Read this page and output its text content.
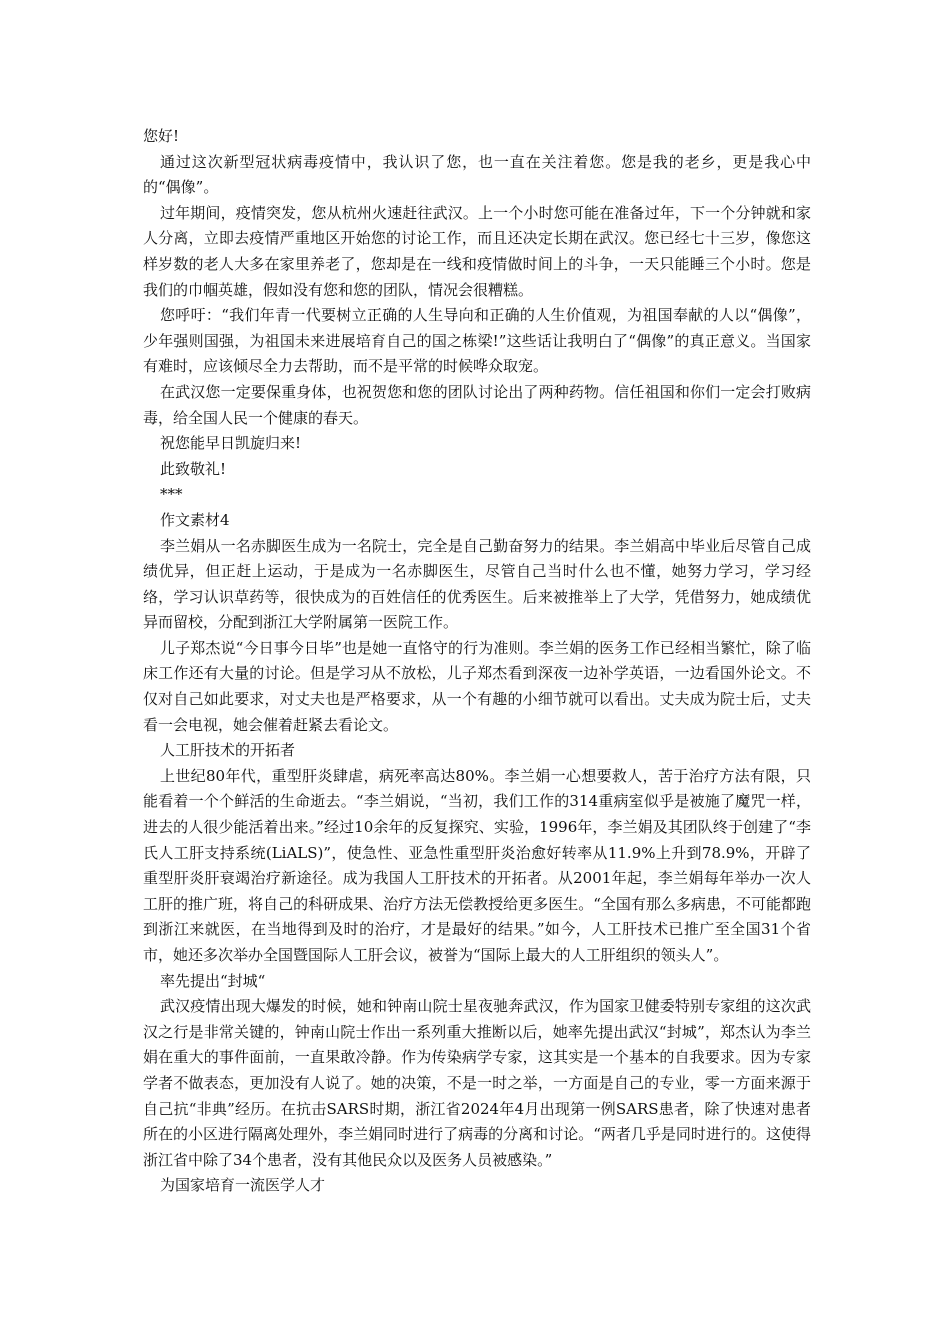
您好!

通过这次新型冠状病毒疫情中，我认识了您，也一直在关注着您。您是我的老乡，更是我心中的“偶像”。

过年期间，疫情突发，您从杭州火速赶往武汉。上一个小时您可能在准备过年，下一个分钟就和家人分离，立即去疫情严重地区开始您的讨论工作，而且还决定长期在武汉。您已经七十三岁，像您这样岁数的老人大多在家里养老了，您却是在一线和疫情做时间上的斗争，一天只能睡三个小时。您是我们的巾帼英雄，假如没有您和您的团队，情况会很糟糕。

您呼吁：“我们年青一代要树立正确的人生导向和正确的人生价值观，为祖国奉献的人以“偶像”，少年强则国强，为祖国未来进展培育自己的国之栋梁!”这些话让我明白了“偶像”的真正意义。当国家有难时，应该倾尽全力去帮助，而不是平常的时候哗众取宠。

在武汉您一定要保重身体，也祝贺您和您的团队讨论出了两种药物。信任祖国和你们一定会打败病毒，给全国人民一个健康的春天。

祝您能早日凯旋归来!

此致敬礼!

***

作文素材4

李兰娟从一名赤脚医生成为一名院士，完全是自己勤奋努力的结果。李兰娟高中毕业后尽管自己成绩优异，但正赶上运动，于是成为一名赤脚医生，尽管自己当时什么也不懂，她努力学习，学习经络，学习认识草药等，很快成为的百姓信任的优秀医生。后来被推举上了大学，凭借努力，她成绩优异而留校，分配到浙江大学附属第一医院工作。

儿子郑杰说“今日事今日毕”也是她一直恪守的行为准则。李兰娟的医务工作已经相当繁忙，除了临床工作还有大量的讨论。但是学习从不放松，儿子郑杰看到深夜一边补学英语，一边看国外论文。不仅对自己如此要求，对丈夫也是严格要求，从一个有趣的小细节就可以看出。丈夫成为院士后，丈夫看一会电视，她会催着赶紧去看论文。

人工肝技术的开拓者

上世纪80年代，重型肝炎肆虐，病死率高达80%。李兰娟一心想要救人，苦于治疗方法有限，只能看着一个个鲜活的生命逝去。“李兰娟说，“当初，我们工作的314重病室似乎是被施了魔咒一样，进去的人很少能活着出来。”经过10余年的反复探究、实验，1996年，李兰娟及其团队终于创建了“李氏人工肝支持系统(LiALS)”，使急性、亚急性重型肝炎治愈好转率从11.9%上升到78.9%，开辟了重型肝炎肝衰竭治疗新途径。成为我国人工肝技术的开拓者。从2001年起，李兰娟每年举办一次人工肝的推广班，将自己的科研成果、治疗方法无偿教授给更多医生。“全国有那么多病患，不可能都跑到浙江来就医，在当地得到及时的治疗，才是最好的结果。”如今，人工肝技术已推广至全国31个省市，她还多次举办全国暨国际人工肝会议，被誉为“国际上最大的人工肝组织的领头人”。

率先提出“封城“

武汉疫情出现大爆发的时候，她和钟南山院士星夜驰奔武汉，作为国家卫健委特别专家组的这次武汉之行是非常关键的，钟南山院士作出一系列重大推断以后，她率先提出武汉“封城”，郑杰认为李兰娟在重大的事件面前，一直果敢冷静。作为传染病学专家，这其实是一个基本的自我要求。因为专家学者不做表态，更加没有人说了。她的决策，不是一时之举，一方面是自己的专业，零一方面来源于自己抗“非典”经历。在抗击SARS时期，浙江省2024年4月出现第一例SARS患者，除了快速对患者所在的小区进行隔离处理外，李兰娟同时进行了病毒的分离和讨论。“两者几乎是同时进行的。这使得浙江省中除了34个患者，没有其他民众以及医务人员被感染。”

为国家培育一流医学人才
